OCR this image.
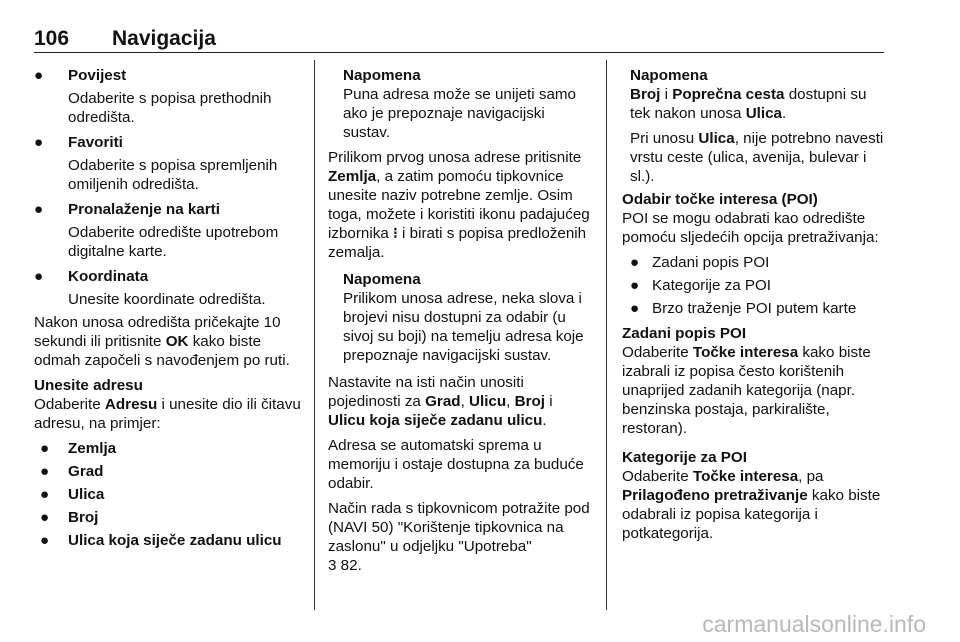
106 Navigacija
●	Povijest

Odaberite s popisa prethodnih odredišta.

●	Favoriti

Odaberite s popisa spremljenih omiljenih odredišta.

●	Pronalaženje na karti

Odaberite odredište upotrebom digitalne karte.

●	Koordinata

Unesite koordinate odredišta.

Nakon unosa odredišta pričekajte 10 sekundi ili pritisnite OK kako biste odmah započeli s navođenjem po ruti.

Unesite adresu

Odaberite Adresu i unesite dio ili čitavu adresu, na primjer:

●	Zemlja
●	Grad
●	Ulica
●	Broj
●	Ulica koja siječe zadanu ulicu

Napomena

Puna adresa može se unijeti samo ako je prepoznaje navigacijski sustav.

Prilikom prvog unosa adrese pritisnite Zemlja, a zatim pomoću tipkovnice unesite naziv potrebne zemlje. Osim toga, možete i koristiti ikonu padajućeg izbornika ⁝ i birati s popisa predloženih zemalja.

Napomena

Prilikom unosa adrese, neka slova i brojevi nisu dostupni za odabir (u sivoj su boji) na temelju adresa koje prepoznaje navigacijski sustav.

Nastavite na isti način unositi pojedinosti za Grad, Ulicu, Broj i Ulicu koja siječe zadanu ulicu.

Adresa se automatski sprema u memoriju i ostaje dostupna za buduće odabir.

Način rada s tipkovnicom potražite pod (NAVI 50) "Korištenje tipkovnica na zaslonu" u odjeljku "Upotreba"
3 82.

Napomena

Broj i Poprečna cesta dostupni su tek nakon unosa Ulica.

Pri unosu Ulica, nije potrebno navesti vrstu ceste (ulica, avenija, bulevar i sl.).

Odabir točke interesa (POI)

POI se mogu odabrati kao odredište pomoću sljedećih opcija pretraživanja:

● Zadani popis POI
● Kategorije za POI
● Brzo traženje POI putem karte

Zadani popis POI

Odaberite Točke interesa kako biste izabrali iz popisa često korištenih unaprijed zadanih kategorija (napr. benzinska postaja, parkiralište, restoran).

Kategorije za POI

Odaberite Točke interesa, pa Prilagođeno pretraživanje kako biste odabrali iz popisa kategorija i potkategorija.

carmanualsonline.info
